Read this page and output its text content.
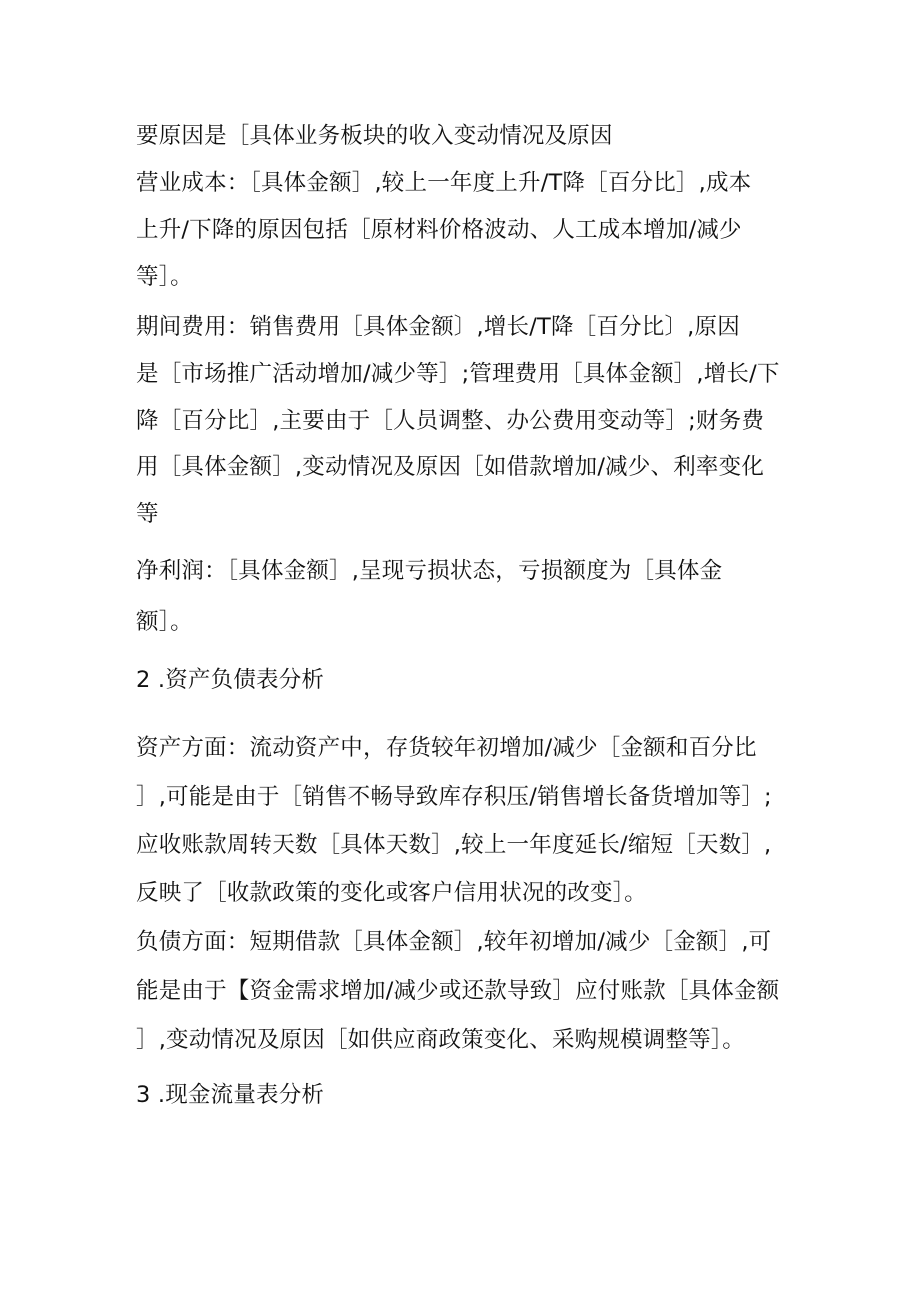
要原因是［具体业务板块的收入变动情况及原因
营业成本：［具体金额］,较上一年度上升/T降［百分比］,成本
上升/下降的原因包括［原材料价格波动、人工成本增加/减少
等］。
期间费用：销售费用［具体金额〕,增长/T降［百分比〕,原因
是［市场推广活动增加/减少等］;管理费用［具体金额］,增长/下
降［百分比］,主要由于［人员调整、办公费用变动等］;财务费
用［具体金额］,变动情况及原因［如借款增加/减少、利率变化
等
净利润：［具体金额］,呈现亏损状态，亏损额度为［具体金
额］。
2 .资产负债表分析
资产方面：流动资产中，存货较年初增加/减少［金额和百分比
］,可能是由于［销售不畅导致库存积压/销售增长备货增加等］;
应收账款周转天数［具体天数］,较上一年度延长/缩短［天数］,
反映了［收款政策的变化或客户信用状况的改变］。
负债方面：短期借款［具体金额］,较年初增加/减少［金额］,可
能是由于【资金需求增加/减少或还款导致］应付账款［具体金额
］,变动情况及原因［如供应商政策变化、采购规模调整等］。
3 .现金流量表分析
